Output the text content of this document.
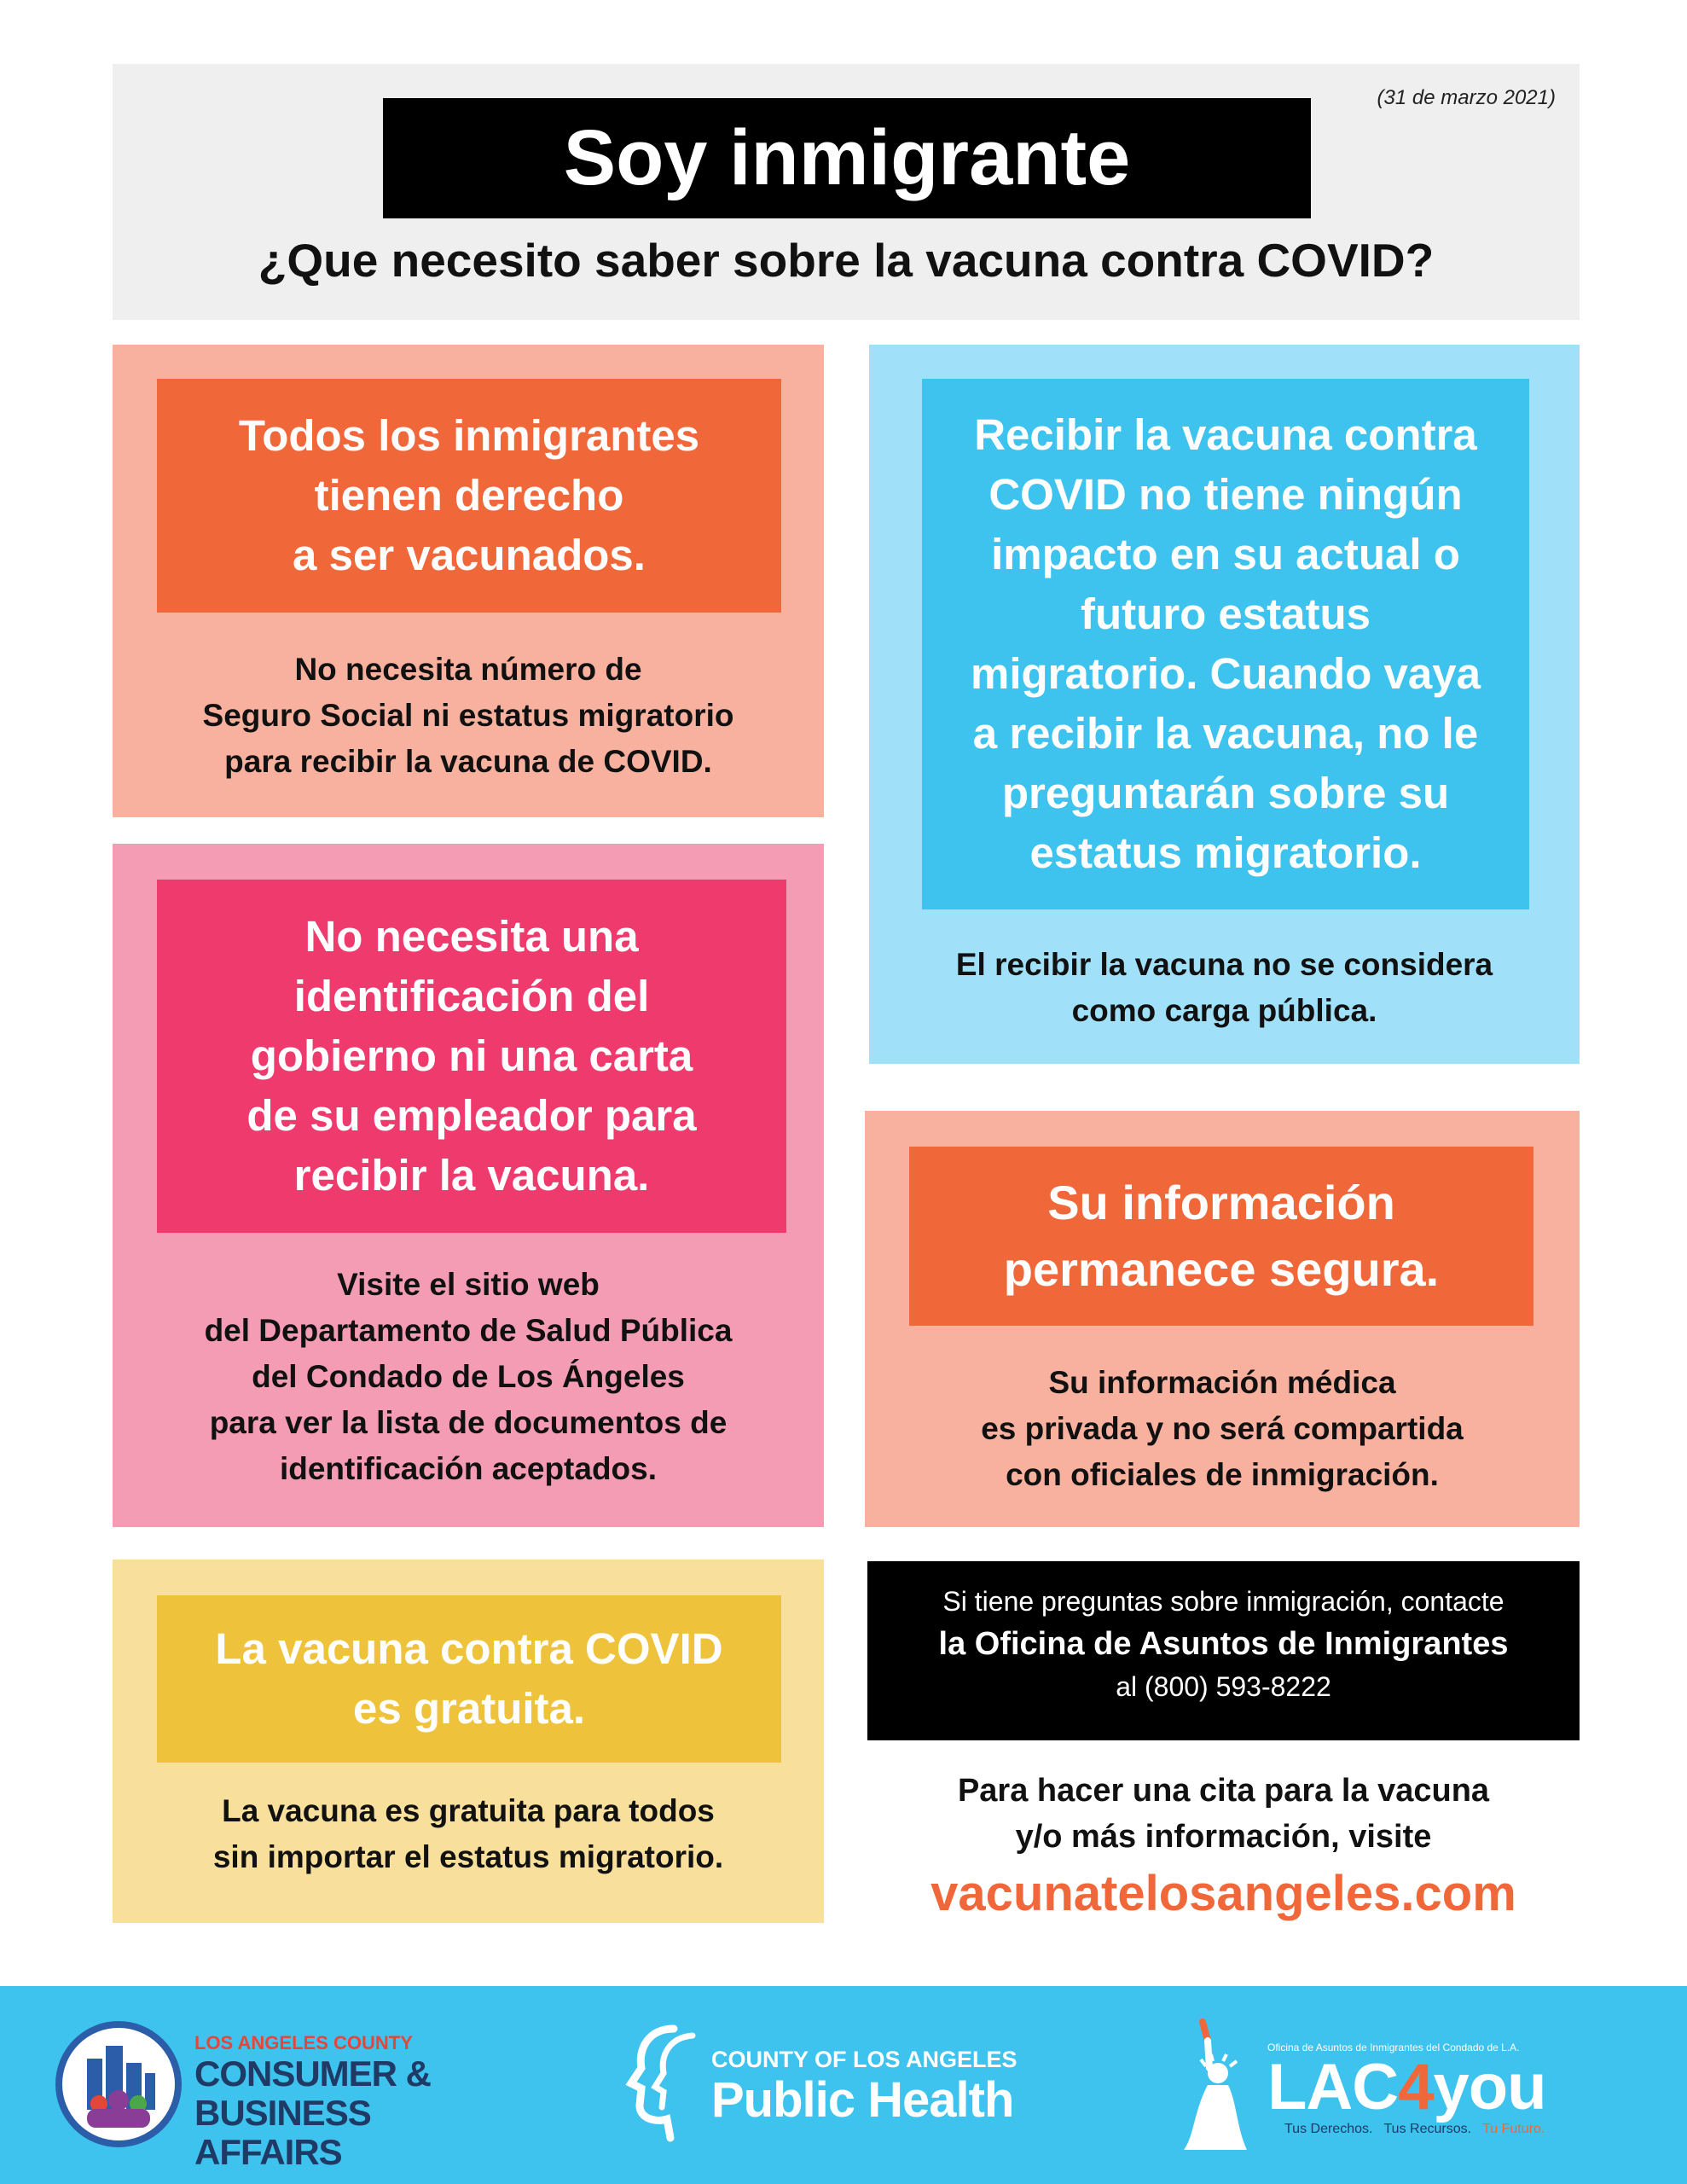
(31 de marzo 2021)
Soy inmigrante
¿Que necesito saber sobre la vacuna contra COVID?
Todos los inmigrantes
tienen derecho
a ser vacunados.
No necesita número de
Seguro Social ni estatus migratorio
para recibir la vacuna de COVID.
Recibir la vacuna contra
COVID no tiene ningún
impacto en su actual o
futuro estatus
migratorio. Cuando vaya
a recibir la vacuna, no le
preguntarán sobre su
estatus migratorio.
El recibir la vacuna no se considera
como carga pública.
No necesita una
identificación del
gobierno ni una carta
de su empleador para
recibir la vacuna.
Visite el sitio web
del Departamento de Salud Pública
del Condado de Los Ángeles
para ver la lista de documentos de
identificación aceptados.
Su información
permanece segura.
Su información médica
es privada y no será compartida
con oficiales de inmigración.
La vacuna contra COVID
es gratuita.
La vacuna es gratuita para todos
sin importar el estatus migratorio.
Si tiene preguntas sobre inmigración, contacte
la Oficina de Asuntos de Inmigrantes
al (800) 593-8222
Para hacer una cita para la vacuna
y/o más información, visite
vacunatelosangeles.com
LOS ANGELES COUNTY
CONSUMER &
BUSINESS AFFAIRS
COUNTY OF LOS ANGELES
Public Health
Oficina de Asuntos de Inmigrantes del Condado de L.A.
LAC4you
Tus Derechos. Tus Recursos. Tu Futuro.
